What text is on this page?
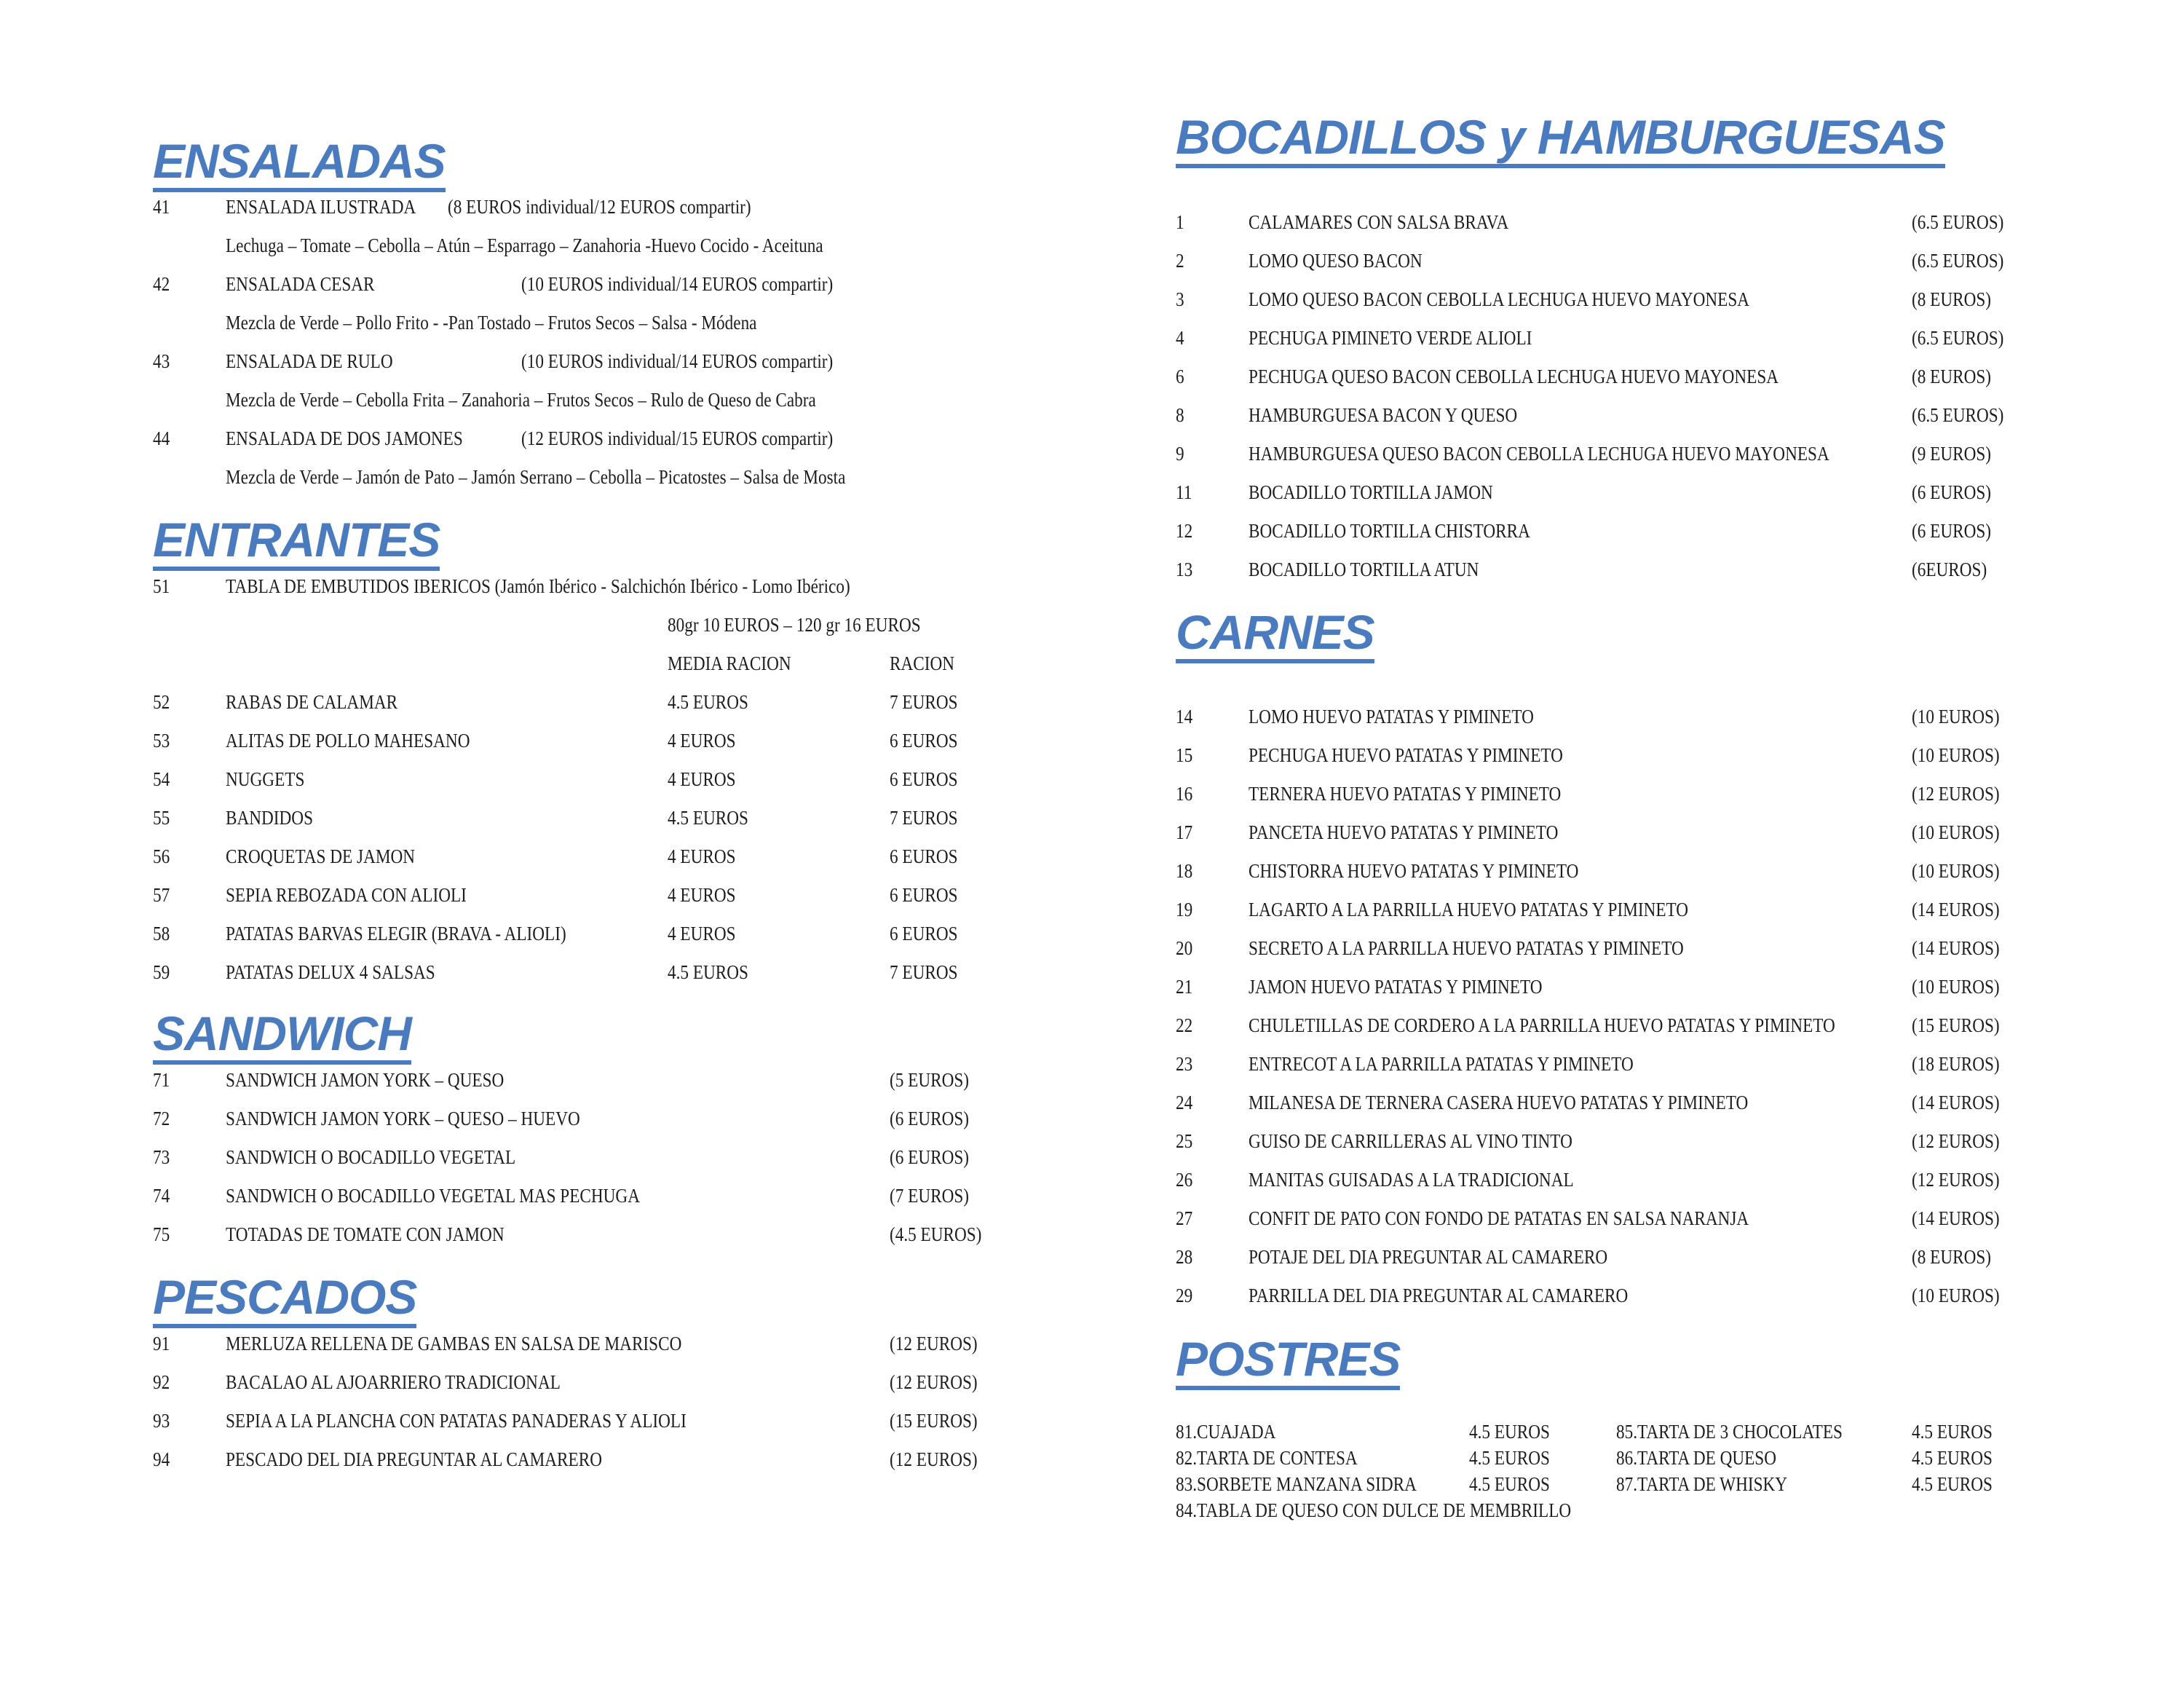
ENSALADAS
41	ENSALADA ILUSTRADA (8 EUROS individual/12 EUROS compartir)
Lechuga – Tomate – Cebolla – Atún – Esparrago – Zanahoria -Huevo Cocido - Aceituna
42	ENSALADA CESAR	(10 EUROS individual/14 EUROS compartir)
Mezcla de Verde – Pollo Frito - -Pan Tostado – Frutos Secos – Salsa - Módena
43	ENSALADA DE RULO	(10 EUROS individual/14 EUROS compartir)
Mezcla de Verde – Cebolla Frita – Zanahoria – Frutos Secos – Rulo de Queso de Cabra
44	ENSALADA DE DOS JAMONES	(12 EUROS individual/15 EUROS compartir)
Mezcla de Verde – Jamón de Pato – Jamón Serrano – Cebolla – Picatostes – Salsa de Mosta
ENTRANTES
51	TABLA DE EMBUTIDOS IBERICOS (Jamón Ibérico - Salchichón Ibérico - Lomo Ibérico)
80gr 10 EUROS – 120 gr 16 EUROS
MEDIA RACION	RACION
52	RABAS DE CALAMAR	4.5 EUROS	7 EUROS
53	ALITAS DE POLLO MAHESANO	4 EUROS	6 EUROS
54	NUGGETS	4 EUROS	6 EUROS
55	BANDIDOS	4.5 EUROS	7 EUROS
56	CROQUETAS DE JAMON	4 EUROS	6 EUROS
57	SEPIA REBOZADA CON ALIOLI	4 EUROS	6 EUROS
58	PATATAS BARVAS ELEGIR (BRAVA - ALIOLI)	4 EUROS	6 EUROS
59	PATATAS DELUX 4 SALSAS	4.5 EUROS	7 EUROS
SANDWICH
71	SANDWICH JAMON YORK – QUESO	(5 EUROS)
72	SANDWICH JAMON YORK – QUESO – HUEVO	(6 EUROS)
73	SANDWICH O BOCADILLO VEGETAL	(6 EUROS)
74	SANDWICH O BOCADILLO VEGETAL MAS PECHUGA	(7 EUROS)
75	TOTADAS DE TOMATE CON JAMON	(4.5 EUROS)
PESCADOS
91	MERLUZA RELLENA DE GAMBAS EN SALSA DE MARISCO	(12 EUROS)
92	BACALAO AL AJOARRIERO TRADICIONAL	(12 EUROS)
93	SEPIA A LA PLANCHA CON PATATAS PANADERAS Y ALIOLI	(15 EUROS)
94	PESCADO DEL DIA PREGUNTAR AL CAMARERO	(12 EUROS)
BOCADILLOS y HAMBURGUESAS
1	CALAMARES CON SALSA BRAVA	(6.5 EUROS)
2	LOMO QUESO BACON	(6.5 EUROS)
3	LOMO QUESO BACON CEBOLLA LECHUGA HUEVO MAYONESA	(8 EUROS)
4	PECHUGA PIMINETO VERDE ALIOLI	(6.5 EUROS)
6	PECHUGA QUESO BACON CEBOLLA LECHUGA HUEVO MAYONESA	(8 EUROS)
8	HAMBURGUESA BACON Y QUESO	(6.5 EUROS)
9	HAMBURGUESA QUESO BACON CEBOLLA LECHUGA HUEVO MAYONESA	(9 EUROS)
11	BOCADILLO TORTILLA JAMON	(6 EUROS)
12	BOCADILLO TORTILLA CHISTORRA	(6 EUROS)
13	BOCADILLO TORTILLA ATUN	(6EUROS)
CARNES
14	LOMO HUEVO PATATAS Y PIMINETO	(10 EUROS)
15	PECHUGA HUEVO PATATAS Y PIMINETO	(10 EUROS)
16	TERNERA HUEVO PATATAS Y PIMINETO	(12 EUROS)
17	PANCETA HUEVO PATATAS Y PIMINETO	(10 EUROS)
18	CHISTORRA HUEVO PATATAS Y PIMINETO	(10 EUROS)
19	LAGARTO A LA PARRILLA HUEVO PATATAS Y PIMINETO	(14 EUROS)
20	SECRETO A LA PARRILLA HUEVO PATATAS Y PIMINETO	(14 EUROS)
21	JAMON HUEVO PATATAS Y PIMINETO	(10 EUROS)
22	CHULETILLAS DE CORDERO A LA PARRILLA HUEVO PATATAS Y PIMINETO	(15 EUROS)
23	ENTRECOT A LA PARRILLA PATATAS Y PIMINETO	(18 EUROS)
24	MILANESA DE TERNERA CASERA HUEVO PATATAS Y PIMINETO	(14 EUROS)
25	GUISO DE CARRILLERAS AL VINO TINTO	(12 EUROS)
26	MANITAS GUISADAS A LA TRADICIONAL	(12 EUROS)
27	CONFIT DE PATO CON FONDO DE PATATAS EN SALSA NARANJA	(14 EUROS)
28	POTAJE DEL DIA PREGUNTAR AL CAMARERO	(8 EUROS)
29	PARRILLA DEL DIA PREGUNTAR AL CAMARERO	(10 EUROS)
POSTRES
81.CUAJADA	4.5 EUROS
82.TARTA DE CONTESA	4.5 EUROS
83.SORBETE MANZANA SIDRA	4.5 EUROS
84.TABLA DE QUESO CON DULCE DE MEMBRILLO
85.TARTA DE 3 CHOCOLATES	4.5 EUROS
86.TARTA DE QUESO	4.5 EUROS
87.TARTA DE WHISKY	4.5 EUROS
